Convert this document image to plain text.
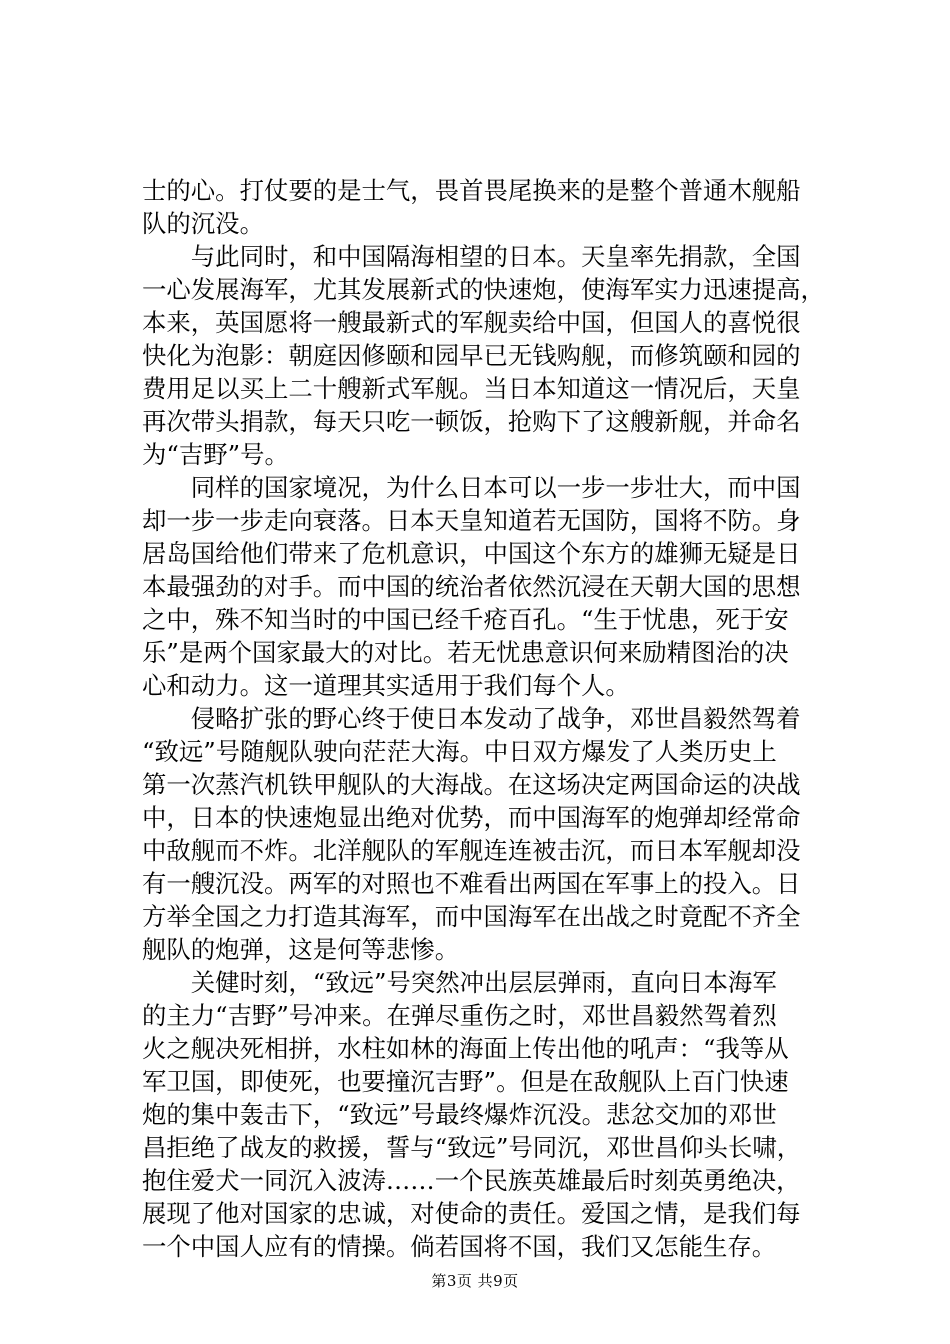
士的心。打仗要的是士气，畏首畏尾换来的是整个普通木舰船
队的沉没。
　　与此同时，和中国隔海相望的日本。天皇率先捐款，全国
一心发展海军，尤其发展新式的快速炮，使海军实力迅速提高，
本来，英国愿将一艘最新式的军舰卖给中国，但国人的喜悦很
快化为泡影：朝庭因修颐和园早已无钱购舰，而修筑颐和园的
费用足以买上二十艘新式军舰。当日本知道这一情况后，天皇
再次带头捐款，每天只吃一顿饭，抢购下了这艘新舰，并命名
为“吉野”号。
　　同样的国家境况，为什么日本可以一步一步壮大，而中国
却一步一步走向衰落。日本天皇知道若无国防，国将不防。身
居岛国给他们带来了危机意识，中国这个东方的雄狮无疑是日
本最强劲的对手。而中国的统治者依然沉浸在天朝大国的思想
之中，殊不知当时的中国已经千疮百孔。“生于忧患，死于安
乐”是两个国家最大的对比。若无忧患意识何来励精图治的决
心和动力。这一道理其实适用于我们每个人。
　　侵略扩张的野心终于使日本发动了战争，邓世昌毅然驾着
“致远”号随舰队驶向茫茫大海。中日双方爆发了人类历史上
第一次蒸汽机铁甲舰队的大海战。在这场决定两国命运的决战
中，日本的快速炮显出绝对优势，而中国海军的炮弹却经常命
中敌舰而不炸。北洋舰队的军舰连连被击沉，而日本军舰却没
有一艘沉没。两军的对照也不难看出两国在军事上的投入。日
方举全国之力打造其海军，而中国海军在出战之时竟配不齐全
舰队的炮弹，这是何等悲惨。
　　关健时刻，“致远”号突然冲出层层弹雨，直向日本海军
的主力“吉野”号冲来。在弹尽重伤之时，邓世昌毅然驾着烈
火之舰决死相拼，水柱如林的海面上传出他的吼声：“我等从
军卫国，即使死，也要撞沉吉野”。但是在敌舰队上百门快速
炮的集中轰击下，“致远”号最终爆炸沉没。悲忿交加的邓世
昌拒绝了战友的救援，誓与“致远”号同沉，邓世昌仰头长啸，
抱住爱犬一同沉入波涛……一个民族英雄最后时刻英勇绝决，
展现了他对国家的忠诚，对使命的责任。爱国之情，是我们每
一个中国人应有的情操。倘若国将不国，我们又怎能生存。
第3页 共9页
